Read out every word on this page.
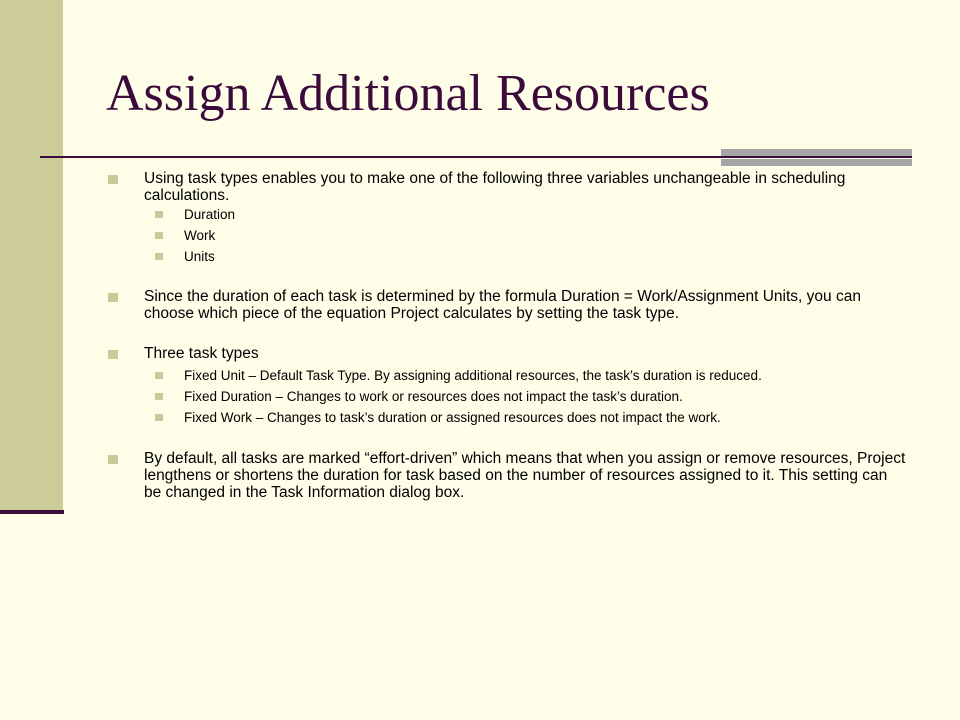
Assign Additional Resources
Using task types enables you to make one of the following three variables unchangeable in scheduling calculations.
Duration
Work
Units
Since the duration of each task is determined by the formula Duration = Work/Assignment Units, you can choose which piece of the equation Project calculates by setting the task type.
Three task types
Fixed Unit – Default Task Type. By assigning additional resources, the task’s duration is reduced.
Fixed Duration – Changes to work or resources does not impact the task’s duration.
Fixed Work – Changes to task’s duration or assigned resources does not impact the work.
By default, all tasks are marked “effort-driven” which means that when you assign or remove resources, Project lengthens or shortens the duration for task based on the number of resources assigned to it. This setting can be changed in the Task Information dialog box.
